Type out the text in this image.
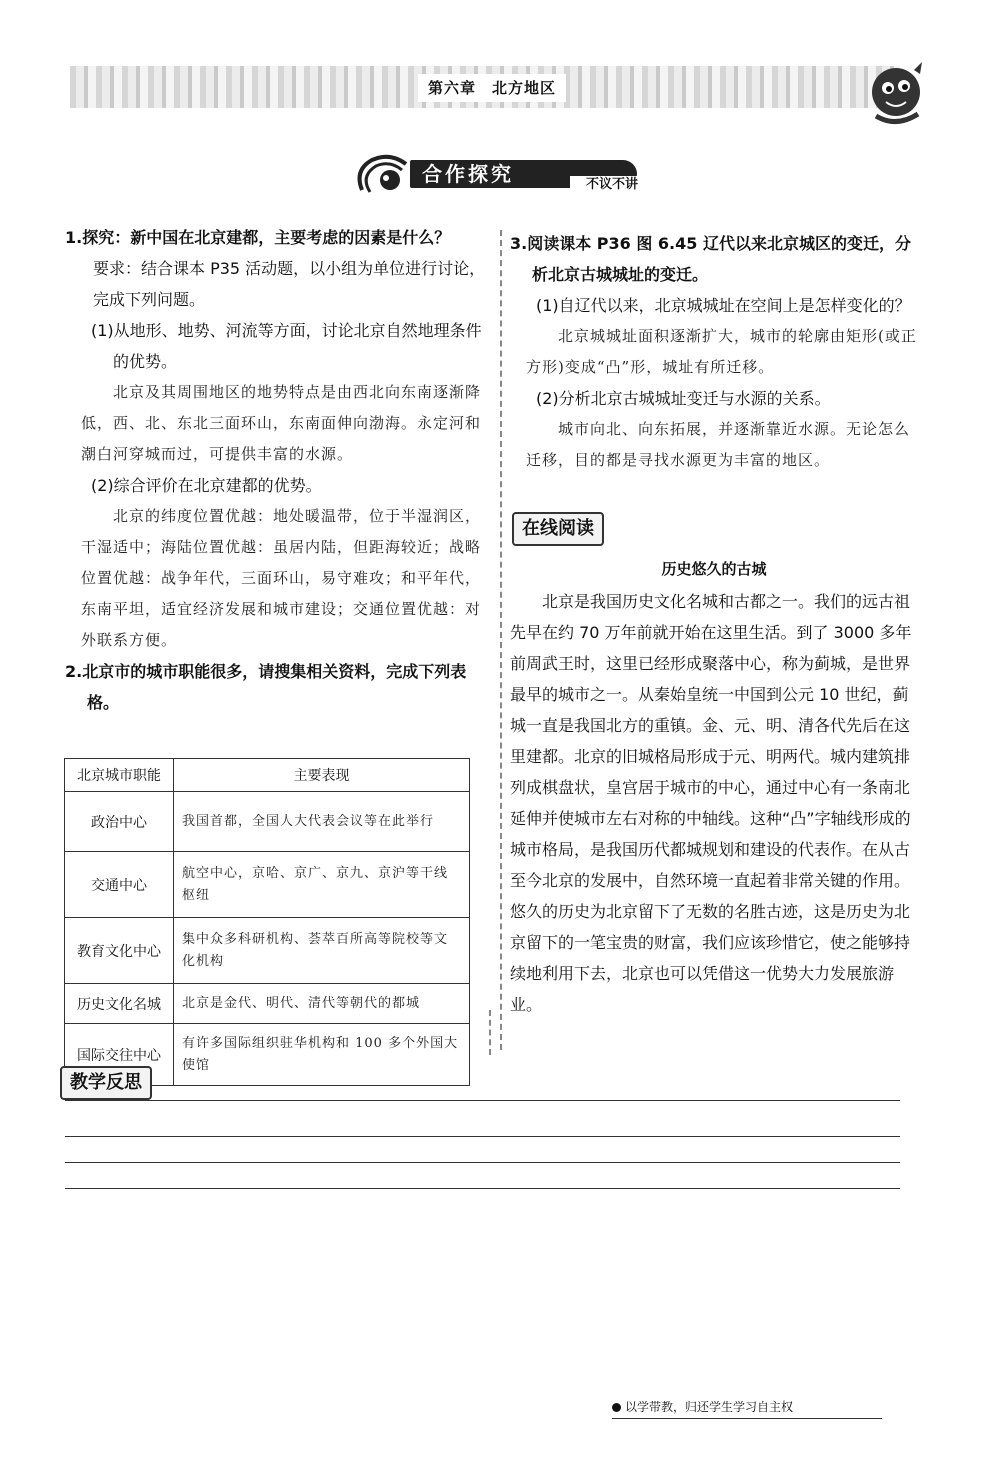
第六章　北方地区
合作探究	不议不讲

1.探究：新中国在北京建都，主要考虑的因素是什么？

要求：结合课本 P35 活动题，以小组为单位进行讨论，完成下列问题。

(1)从地形、地势、河流等方面，讨论北京自然地理条件的优势。

北京及其周围地区的地势特点是由西北向东南逐渐降低，西、北、东北三面环山，东南面伸向渤海。永定河和潮白河穿城而过，可提供丰富的水源。

(2)综合评价在北京建都的优势。

北京的纬度位置优越：地处暖温带，位于半湿润区，干湿适中；海陆位置优越：虽居内陆，但距海较近；战略位置优越：战争年代，三面环山，易守难攻；和平年代，东南平坦，适宜经济发展和城市建设；交通位置优越：对外联系方便。

2.北京市的城市职能很多，请搜集相关资料，完成下列表格。

北京城市职能	主要表现
政治中心	我国首都，全国人大代表会议等在此举行
交通中心	航空中心，京哈、京广、京九、京沪等干线枢纽
教育文化中心	集中众多科研机构、荟萃百所高等院校等文化机构
历史文化名城	北京是金代、明代、清代等朝代的都城
国际交往中心	有许多国际组织驻华机构和 100 多个外国大使馆

3.阅读课本 P36 图 6.45 辽代以来北京城区的变迁，分析北京古城城址的变迁。

(1)自辽代以来，北京城城址在空间上是怎样变化的？

北京城城址面积逐渐扩大，城市的轮廓由矩形(或正方形)变成“凸”形，城址有所迁移。

(2)分析北京古城城址变迁与水源的关系。

城市向北、向东拓展，并逐渐靠近水源。无论怎么迁移，目的都是寻找水源更为丰富的地区。

在线阅读
历史悠久的古城

北京是我国历史文化名城和古都之一。我们的远古祖先早在约 70 万年前就开始在这里生活。到了 3000 多年前周武王时，这里已经形成聚落中心，称为蓟城，是世界最早的城市之一。从秦始皇统一中国到公元 10 世纪，蓟城一直是我国北方的重镇。金、元、明、清各代先后在这里建都。北京的旧城格局形成于元、明两代。城内建筑排列成棋盘状，皇宫居于城市的中心，通过中心有一条南北延伸并使城市左右对称的中轴线。这种“凸”字轴线形成的城市格局，是我国历代都城规划和建设的代表作。在从古至今北京的发展中，自然环境一直起着非常关键的作用。悠久的历史为北京留下了无数的名胜古迹，这是历史为北京留下的一笔宝贵的财富，我们应该珍惜它，使之能够持续地利用下去，北京也可以凭借这一优势大力发展旅游业。

教学反思
以学带教，归还学生学习自主权
